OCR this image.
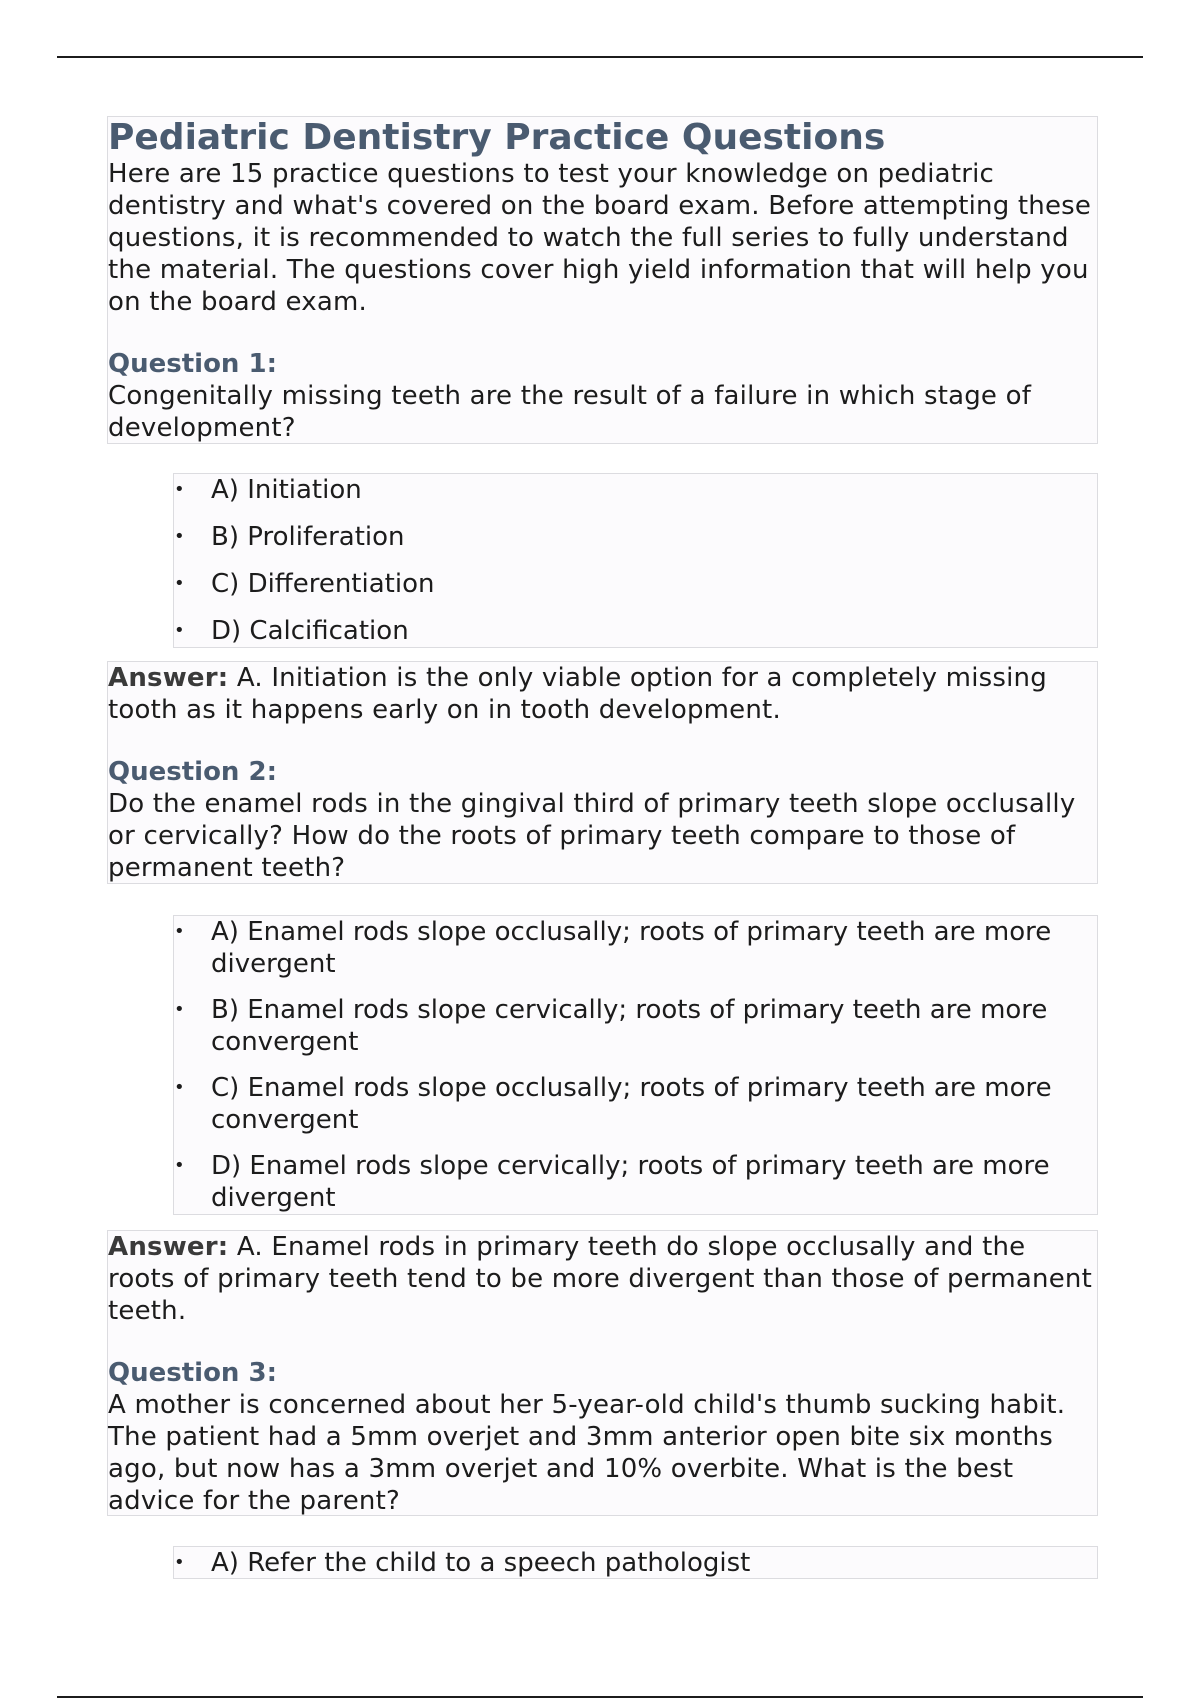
Pediatric Dentistry Practice Questions
Here are 15 practice questions to test your knowledge on pediatric dentistry and what's covered on the board exam. Before attempting these questions, it is recommended to watch the full series to fully understand the material. The questions cover high yield information that will help you on the board exam.
Question 1:
Congenitally missing teeth are the result of a failure in which stage of development?
• A) Initiation
• B) Proliferation
• C) Differentiation
• D) Calcification
Answer: A. Initiation is the only viable option for a completely missing tooth as it happens early on in tooth development.
Question 2:
Do the enamel rods in the gingival third of primary teeth slope occlusally or cervically? How do the roots of primary teeth compare to those of permanent teeth?
• A) Enamel rods slope occlusally; roots of primary teeth are more divergent
• B) Enamel rods slope cervically; roots of primary teeth are more convergent
• C) Enamel rods slope occlusally; roots of primary teeth are more convergent
• D) Enamel rods slope cervically; roots of primary teeth are more divergent
Answer: A. Enamel rods in primary teeth do slope occlusally and the roots of primary teeth tend to be more divergent than those of permanent teeth.
Question 3:
A mother is concerned about her 5-year-old child's thumb sucking habit. The patient had a 5mm overjet and 3mm anterior open bite six months ago, but now has a 3mm overjet and 10% overbite. What is the best advice for the parent?
• A) Refer the child to a speech pathologist
